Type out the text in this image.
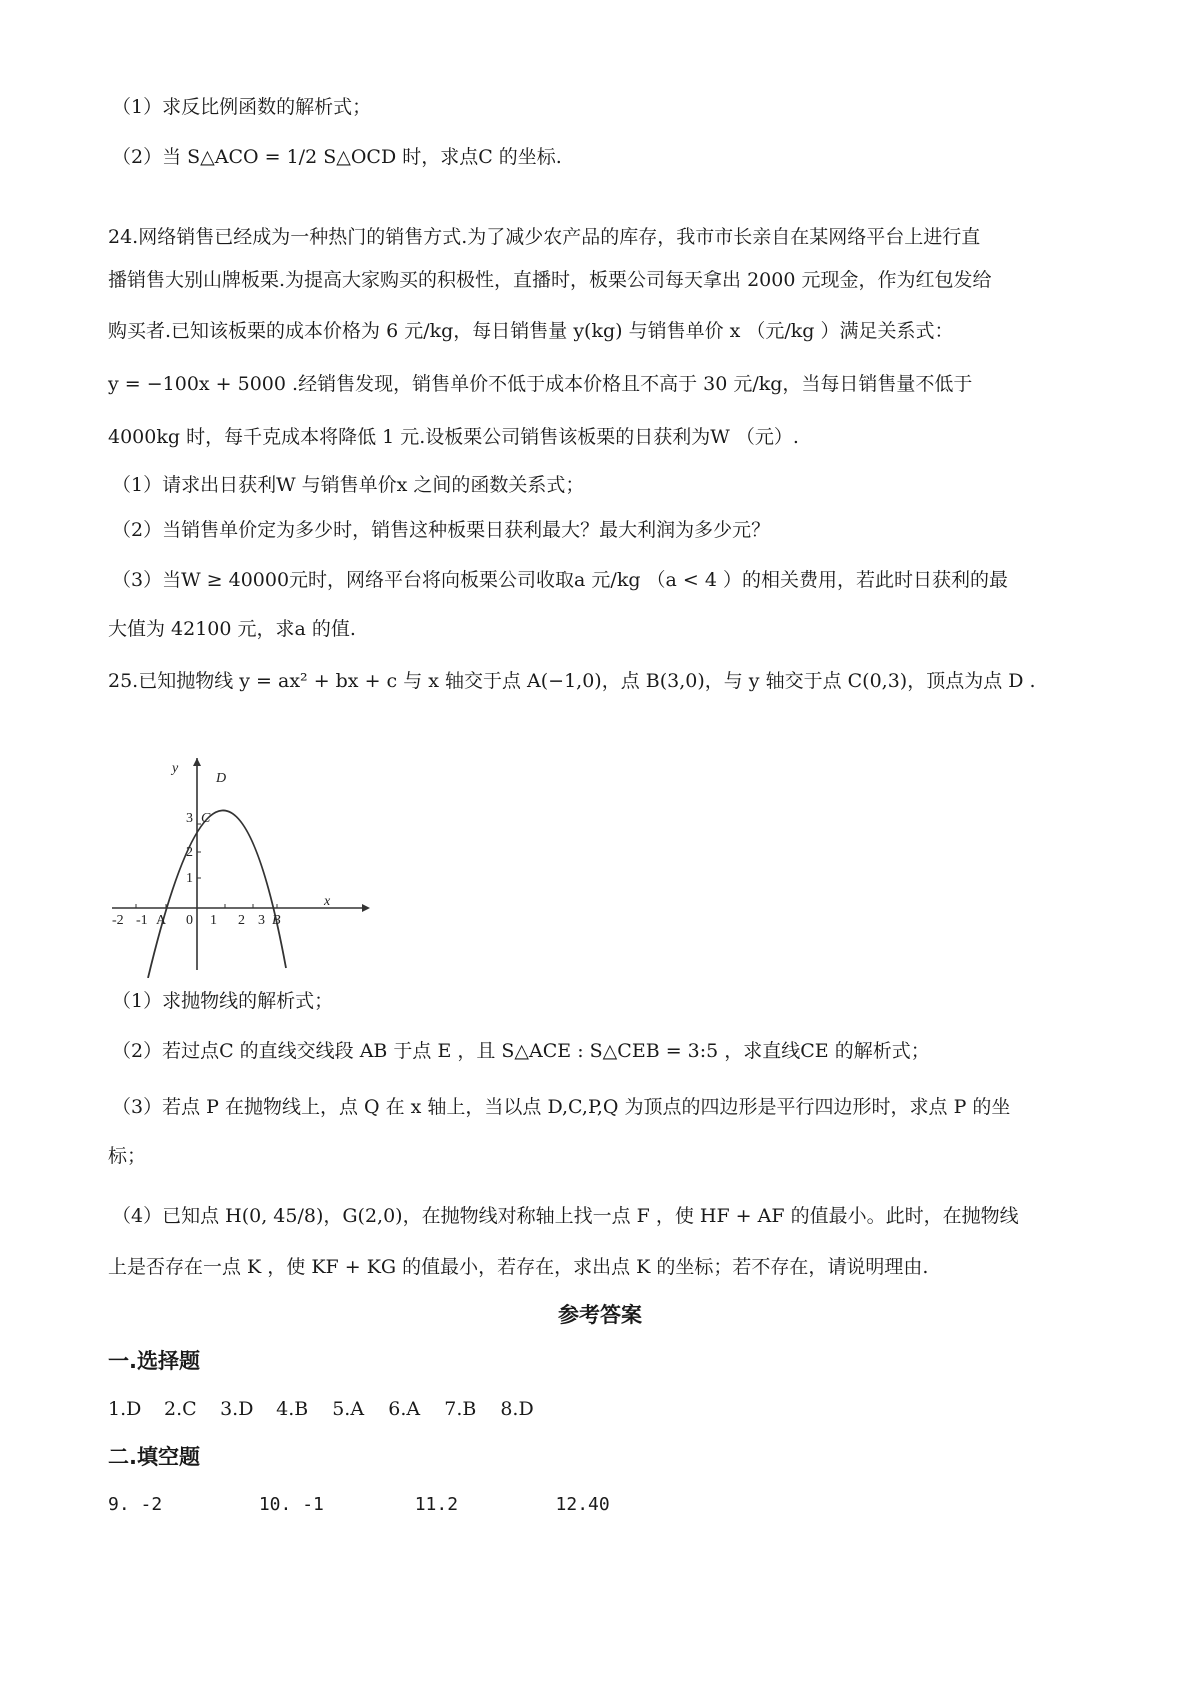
（1）求反比例函数的解析式；
（2）当 S△ACO = 1/2 S△OCD 时，求点C 的坐标.
24.网络销售已经成为一种热门的销售方式.为了减少农产品的库存，我市市长亲自在某网络平台上进行直
播销售大别山牌板栗.为提高大家购买的积极性，直播时，板栗公司每天拿出 2000 元现金，作为红包发给
购买者.已知该板栗的成本价格为 6 元/kg，每日销售量 y(kg) 与销售单价 x （元/kg ）满足关系式：
y = −100x + 5000 .经销售发现，销售单价不低于成本价格且不高于 30 元/kg，当每日销售量不低于
4000kg 时，每千克成本将降低 1 元.设板栗公司销售该板栗的日获利为W （元）.
（1）请求出日获利W 与销售单价x 之间的函数关系式；
（2）当销售单价定为多少时，销售这种板栗日获利最大？最大利润为多少元？
（3）当W ≥ 40000元时，网络平台将向板栗公司收取a 元/kg （a < 4 ）的相关费用，若此时日获利的最
大值为 42100 元，求a 的值.
25.已知抛物线 y = ax² + bx + c 与 x 轴交于点 A(−1,0)，点 B(3,0)，与 y 轴交于点 C(0,3)，顶点为点 D .
y
x
D
3 C
2
1
-2 -1 A 0 1 2 3 B
（1）求抛物线的解析式；
（2）若过点C 的直线交线段 AB 于点 E ，且 S△ACE : S△CEB = 3:5 ，求直线CE 的解析式；
（3）若点 P 在抛物线上，点 Q 在 x 轴上，当以点 D,C,P,Q 为顶点的四边形是平行四边形时，求点 P 的坐
标；
（4）已知点 H(0, 45/8)，G(2,0)，在抛物线对称轴上找一点 F ，使 HF + AF 的值最小。此时，在抛物线
上是否存在一点 K ，使 KF + KG 的值最小，若存在，求出点 K 的坐标；若不存在，请说明理由.
参考答案
一.选择题
1.D 2.C 3.D 4.B 5.A 6.A 7.B 8.D
二.填空题
9. -2	10. -1	11.2	12.40
